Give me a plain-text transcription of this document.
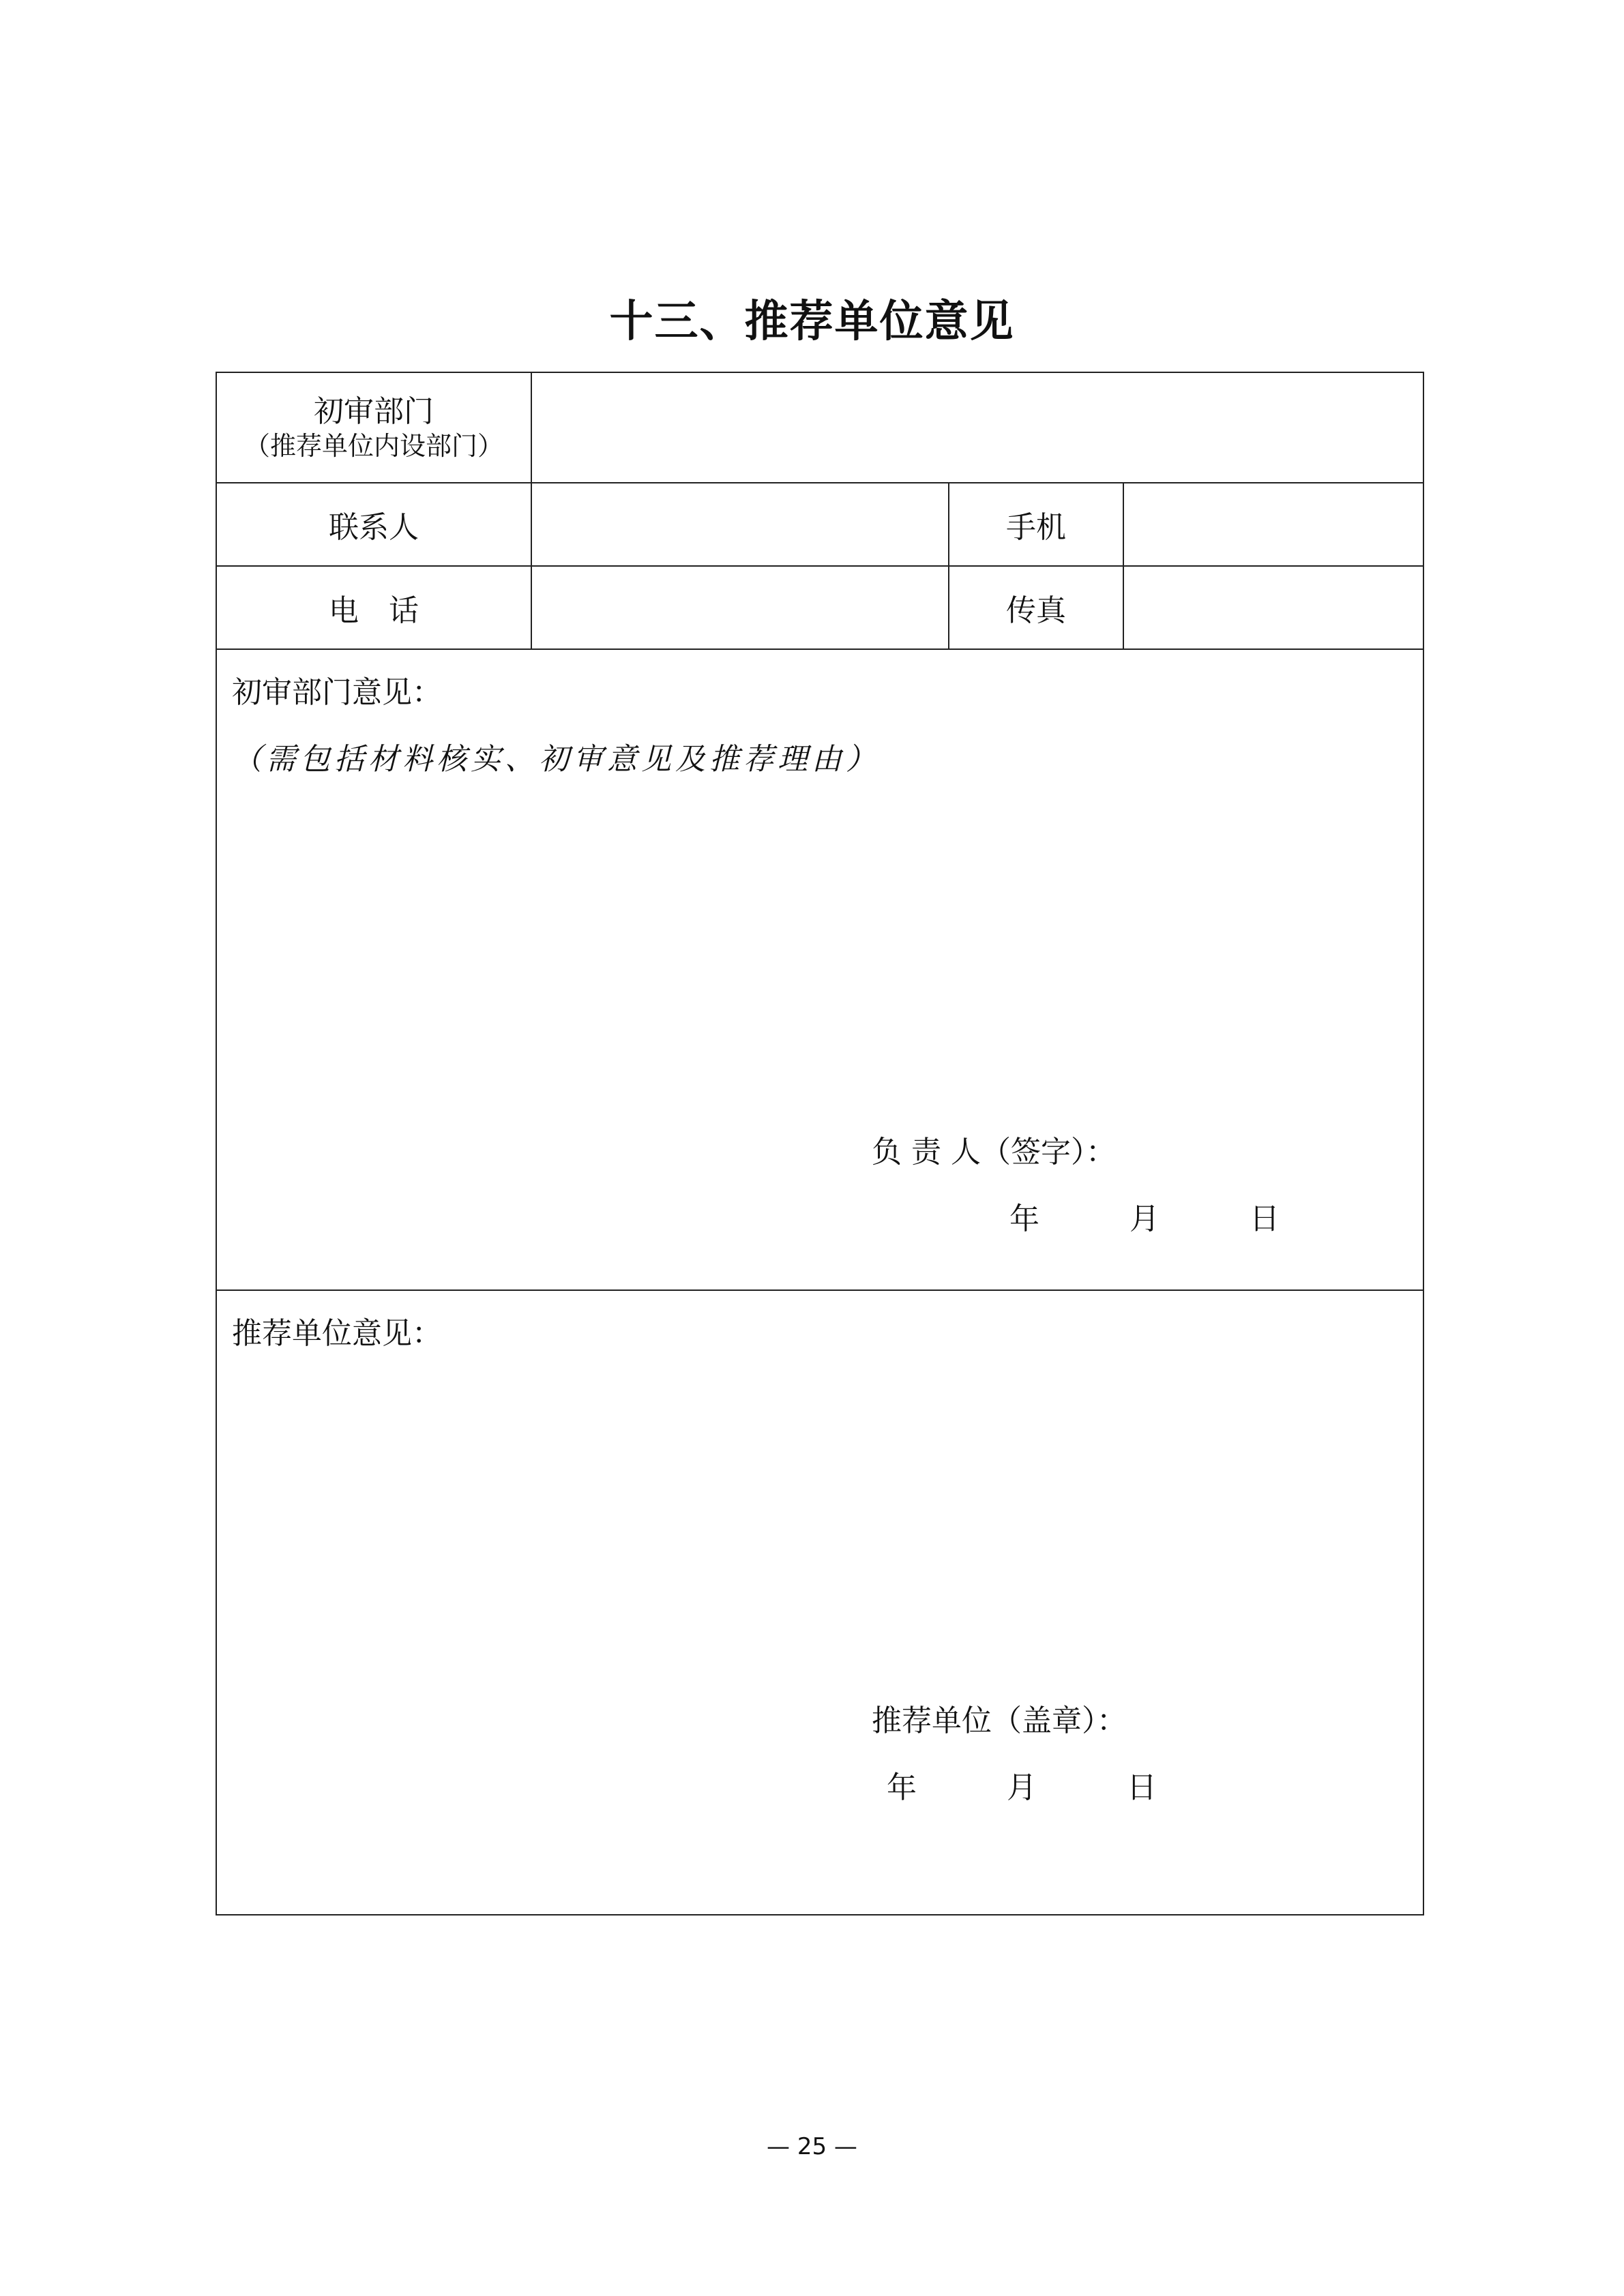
十三、推荐单位意见
初审部门
（推荐单位内设部门）
联系人	手机
电　话	传真
初审部门意见：
（需包括材料核实、初审意见及推荐理由）
负 责 人（签字）：
年　　　月　　　日
推荐单位意见：
推荐单位（盖章）：
年　　　月　　　日
— 25 —
